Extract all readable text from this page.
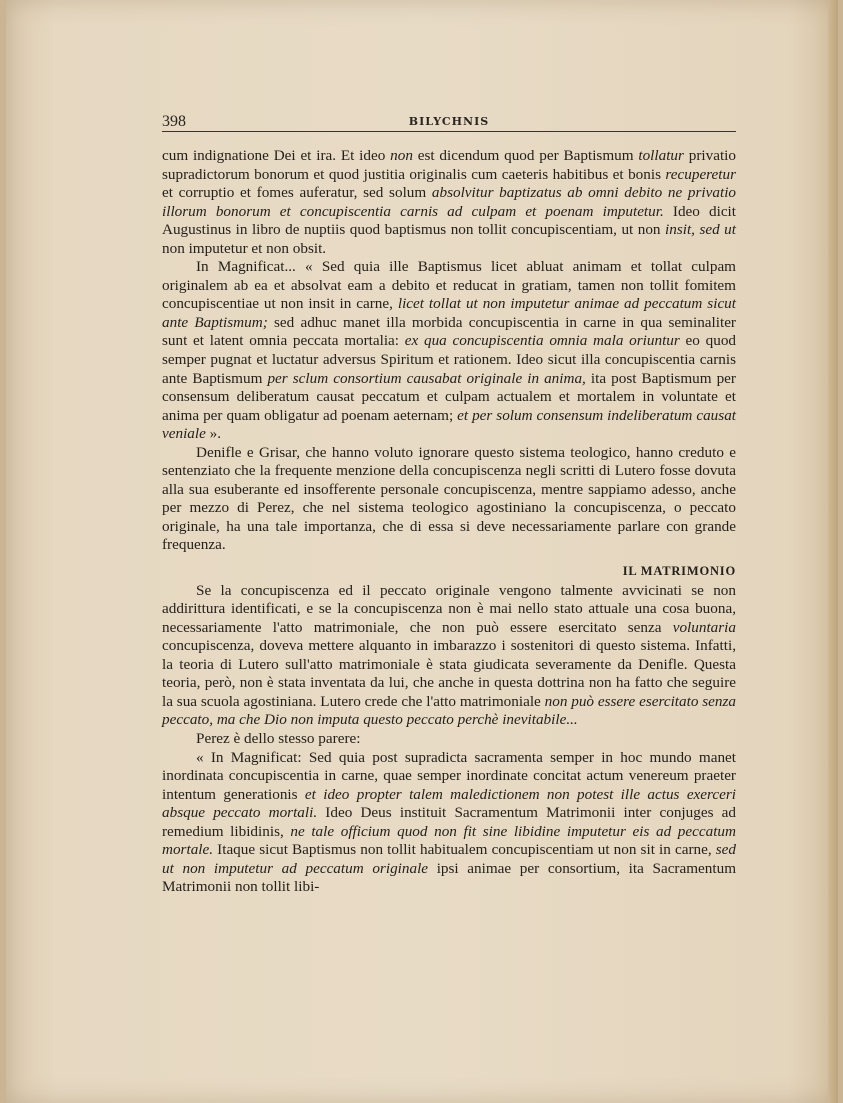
398	BILYCHNIS

cum indignatione Dei et ira. Et ideo non est dicendum quod per Baptismum tollatur privatio supradictorum bonorum et quod justitia originalis cum caeteris habitibus et bonis recuperetur et corruptio et fomes auferatur, sed solum absolvitur baptizatus ab omni debito ne privatio illorum bonorum et concupiscentia carnis ad culpam et poenam imputetur. Ideo dicit Augustinus in libro de nuptiis quod baptismus non tollit concupiscentiam, ut non insit, sed ut non imputetur et non obsit.

In Magnificat... « Sed quia ille Baptismus licet abluat animam et tollat culpam originalem ab ea et absolvat eam a debito et reducat in gratiam, tamen non tollit fomitem concupiscentiae ut non insit in carne, licet tollat ut non imputetur animae ad peccatum sicut ante Baptismum; sed adhuc manet illa morbida concupiscentia in carne in qua seminaliter sunt et latent omnia peccata mortalia: ex qua concupiscentia omnia mala oriuntur eo quod semper pugnat et luctatur adversus Spiritum et rationem. Ideo sicut illa concupiscentia carnis ante Baptismum per sclum consortium causabat originale in anima, ita post Baptismum per consensum deliberatum causat peccatum et culpam actualem et mortalem in voluntate et anima per quam obligatur ad poenam aeternam; et per solum consensum indeliberatum causat veniale ».

Denifle e Grisar, che hanno voluto ignorare questo sistema teologico, hanno creduto e sentenziato che la frequente menzione della concupiscenza negli scritti di Lutero fosse dovuta alla sua esuberante ed insofferente personale concupiscenza, mentre sappiamo adesso, anche per mezzo di Perez, che nel sistema teologico agostiniano la concupiscenza, o peccato originale, ha una tale importanza, che di essa si deve necessariamente parlare con grande frequenza.

IL MATRIMONIO

Se la concupiscenza ed il peccato originale vengono talmente avvicinati se non addirittura identificati, e se la concupiscenza non è mai nello stato attuale una cosa buona, necessariamente l'atto matrimoniale, che non può essere esercitato senza voluntaria concupiscenza, doveva mettere alquanto in imbarazzo i sostenitori di questo sistema. Infatti, la teoria di Lutero sull'atto matrimoniale è stata giudicata severamente da Denifle. Questa teoria, però, non è stata inventata da lui, che anche in questa dottrina non ha fatto che seguire la sua scuola agostiniana. Lutero crede che l'atto matrimoniale non può essere esercitato senza peccato, ma che Dio non imputa questo peccato perchè inevitabile...

Perez è dello stesso parere:

« In Magnificat: Sed quia post supradicta sacramenta semper in hoc mundo manet inordinata concupiscentia in carne, quae semper inordinate concitat actum venereum praeter intentum generationis et ideo propter talem maledictionem non potest ille actus exerceri absque peccato mortali. Ideo Deus instituit Sacramentum Matrimonii inter conjuges ad remedium libidinis, ne tale officium quod non fit sine libidine imputetur eis ad peccatum mortale. Itaque sicut Baptismus non tollit habitualem concupiscentiam ut non sit in carne, sed ut non imputetur ad peccatum originale ipsi animae per consortium, ita Sacramentum Matrimonii non tollit libi-
